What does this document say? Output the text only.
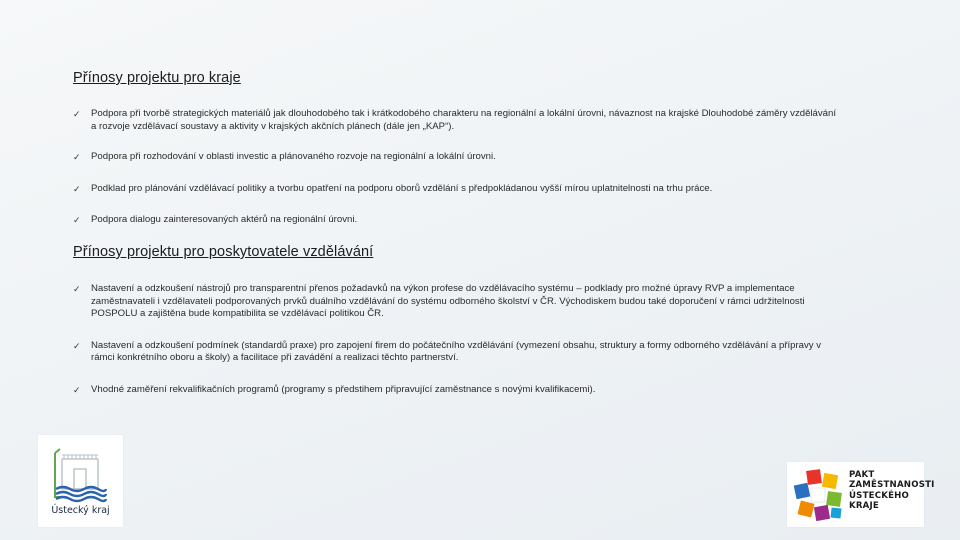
Přínosy projektu pro kraje
✓ Podpora při tvorbě strategických materiálů jak dlouhodobého tak i krátkodobého charakteru na regionální a lokální úrovni, návaznost na krajské Dlouhodobé záměry vzdělávání a rozvoje vzdělávací soustavy a aktivity v krajských akčních plánech (dále jen „KAP“).
✓ Podpora při rozhodování v oblasti investic a plánovaného rozvoje na regionální a lokální úrovni.
✓ Podklad pro plánování vzdělávací politiky a tvorbu opatření na podporu oborů vzdělání s předpokládanou vyšší mírou uplatnitelnosti na trhu práce.
✓ Podpora dialogu zainteresovaných aktérů na regionální úrovni.
Přínosy projektu pro poskytovatele vzdělávání
✓ Nastavení a odzkoušení nástrojů pro transparentní přenos požadavků na výkon profese do vzdělávacího systému – podklady pro možné úpravy RVP a implementace zaměstnavateli i vzdělavateli podporovaných prvků duálního vzdělávání do systému odborného školství v ČR. Východiskem budou také doporučení v rámci udržitelnosti POSPOLU a zajištěna bude kompatibilita se vzdělávací politikou ČR.
✓ Nastavení a odzkoušení podmínek (standardů praxe) pro zapojení firem do počátečního vzdělávání (vymezení obsahu, struktury a formy odborného vzdělávání a přípravy v rámci konkrétního oboru a školy) a facilitace při zavádění a realizaci těchto partnerství.
✓ Vhodné zaměření rekvalifikačních programů (programy s předstihem připravující zaměstnance s novými kvalifikacemi).
Ústecký kraj
PAKT
ZAMĚSTNANOSTI
ÚSTECKÉHO
KRAJE
